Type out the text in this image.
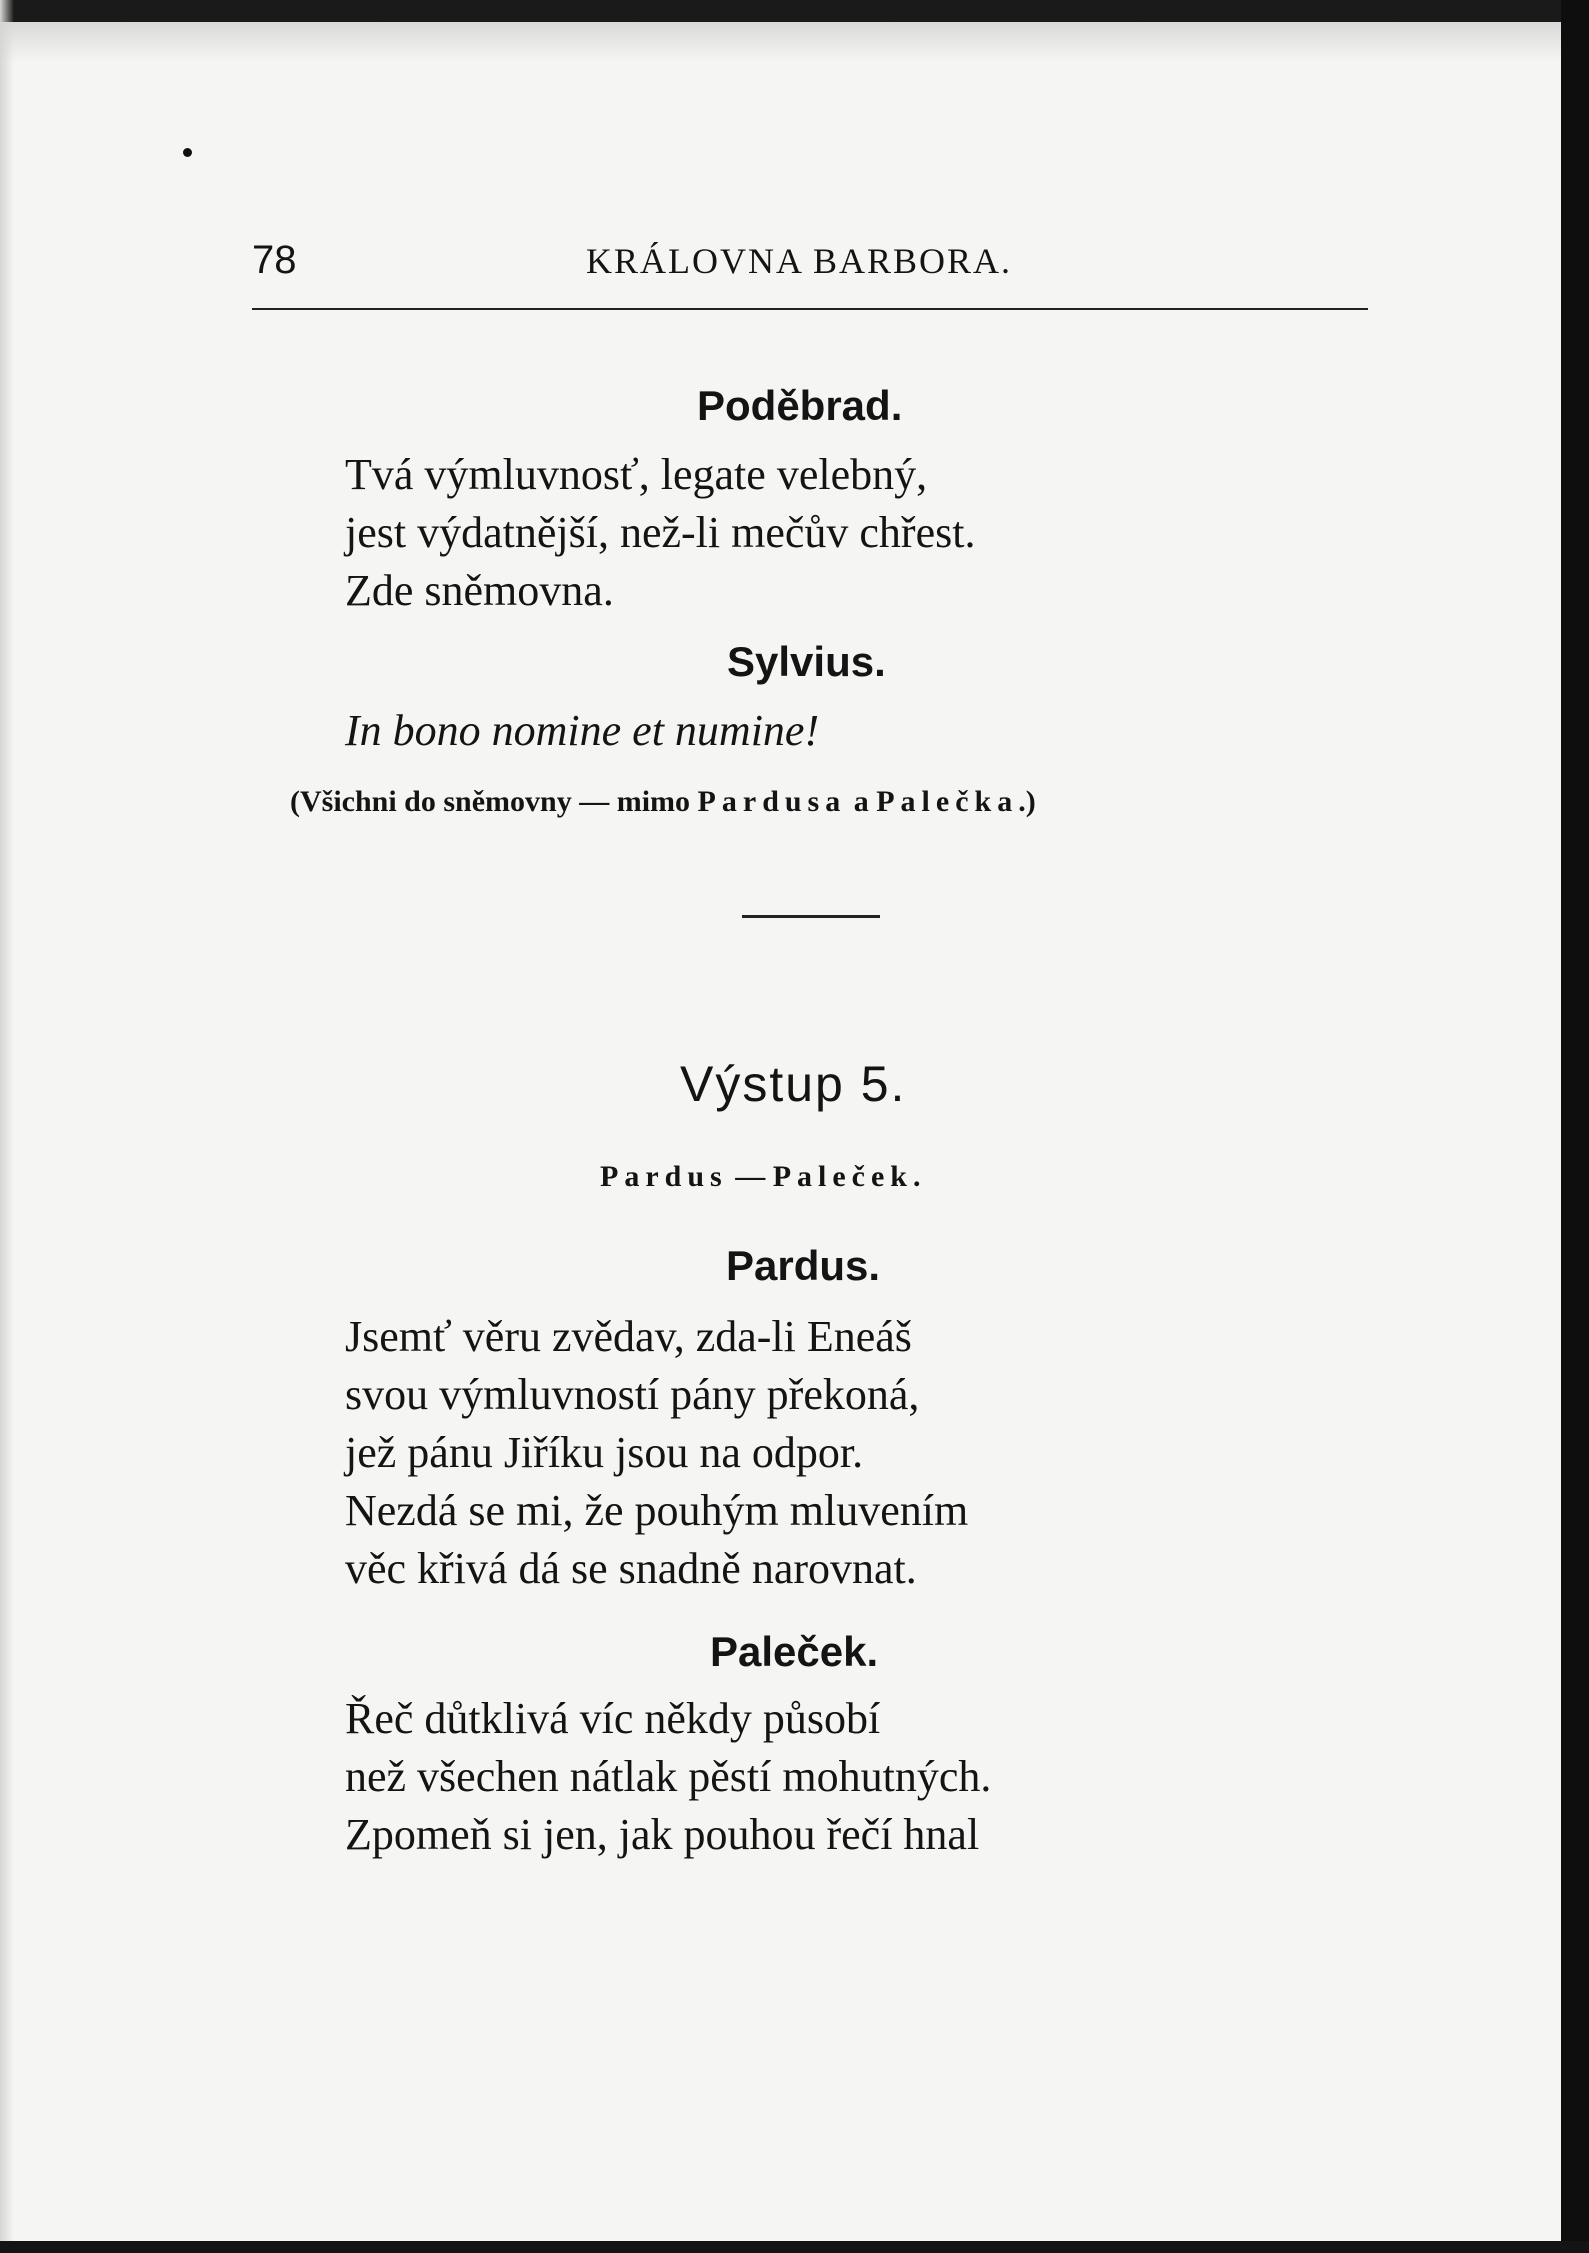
78	KRÁLOVNA BARBORA.
Poděbrad.
Tvá výmluvnosť, legate velebný,
jest výdatnější, než-li mečův chřest.
Zde sněmovna.
Sylvius.
In bono nomine et numine!
(Všichni do sněmovny — mimo Pardusa a Palečka.)
Výstup 5.
Pardus — Paleček.
Pardus.
Jsemť věru zvědav, zda-li Eneáš
svou výmluvností pány překoná,
jež pánu Jiříku jsou na odpor.
Nezdá se mi, že pouhým mluvením
věc křivá dá se snadně narovnat.
Paleček.
Řeč důtklivá víc někdy působí
než všechen nátlak pěstí mohutných.
Zpomeň si jen, jak pouhou řečí hnal
